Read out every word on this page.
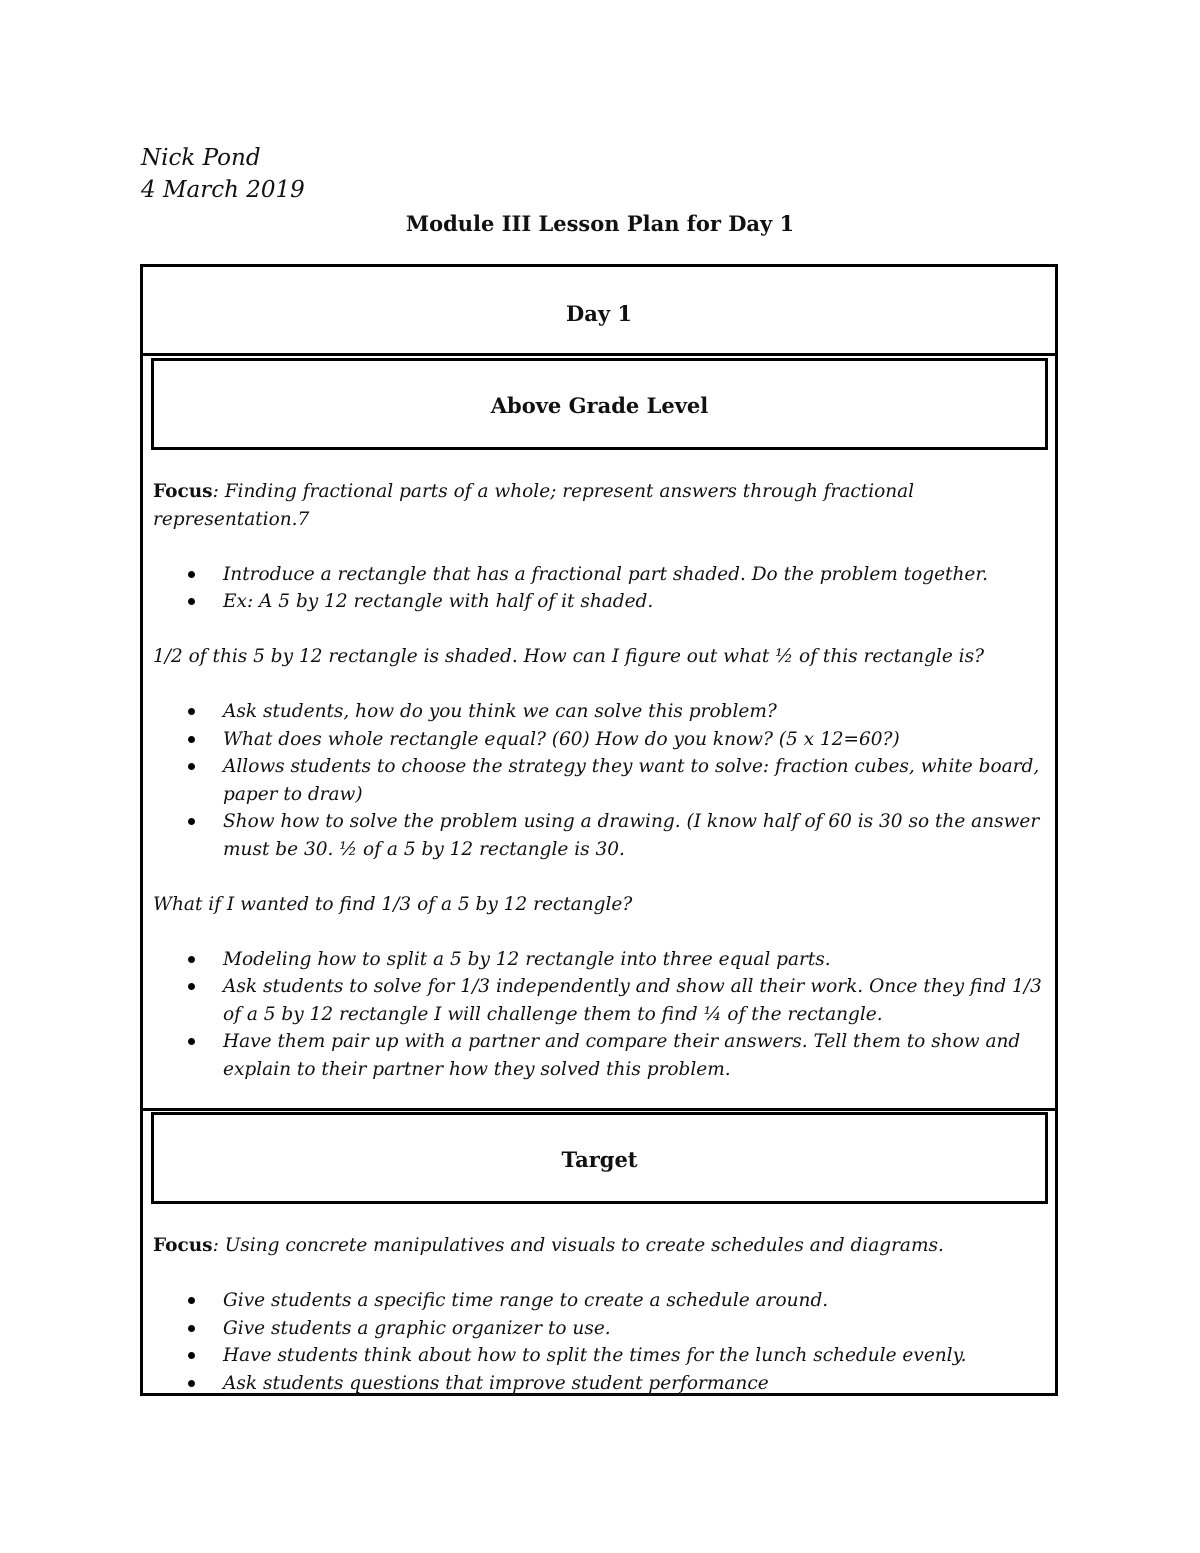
Nick Pond
4 March 2019
Module III Lesson Plan for Day 1
Day 1
Above Grade Level

Focus: Finding fractional parts of a whole; represent answers through fractional representation.7

Introduce a rectangle that has a fractional part shaded. Do the problem together.
Ex: A 5 by 12 rectangle with half of it shaded.

1/2 of this 5 by 12 rectangle is shaded. How can I figure out what ½ of this rectangle is?

Ask students, how do you think we can solve this problem?
What does whole rectangle equal? (60) How do you know? (5 x 12=60?)
Allows students to choose the strategy they want to solve: fraction cubes, white board, paper to draw)
Show how to solve the problem using a drawing. (I know half of 60 is 30 so the answer must be 30. ½ of a 5 by 12 rectangle is 30.

What if I wanted to find 1/3 of a 5 by 12 rectangle?

Modeling how to split a 5 by 12 rectangle into three equal parts.
Ask students to solve for 1/3 independently and show all their work. Once they find 1/3 of a 5 by 12 rectangle I will challenge them to find ¼ of the rectangle.
Have them pair up with a partner and compare their answers. Tell them to show and explain to their partner how they solved this problem.
Target

Focus: Using concrete manipulatives and visuals to create schedules and diagrams.

Give students a specific time range to create a schedule around.
Give students a graphic organizer to use.
Have students think about how to split the times for the lunch schedule evenly.
Ask students questions that improve student performance
